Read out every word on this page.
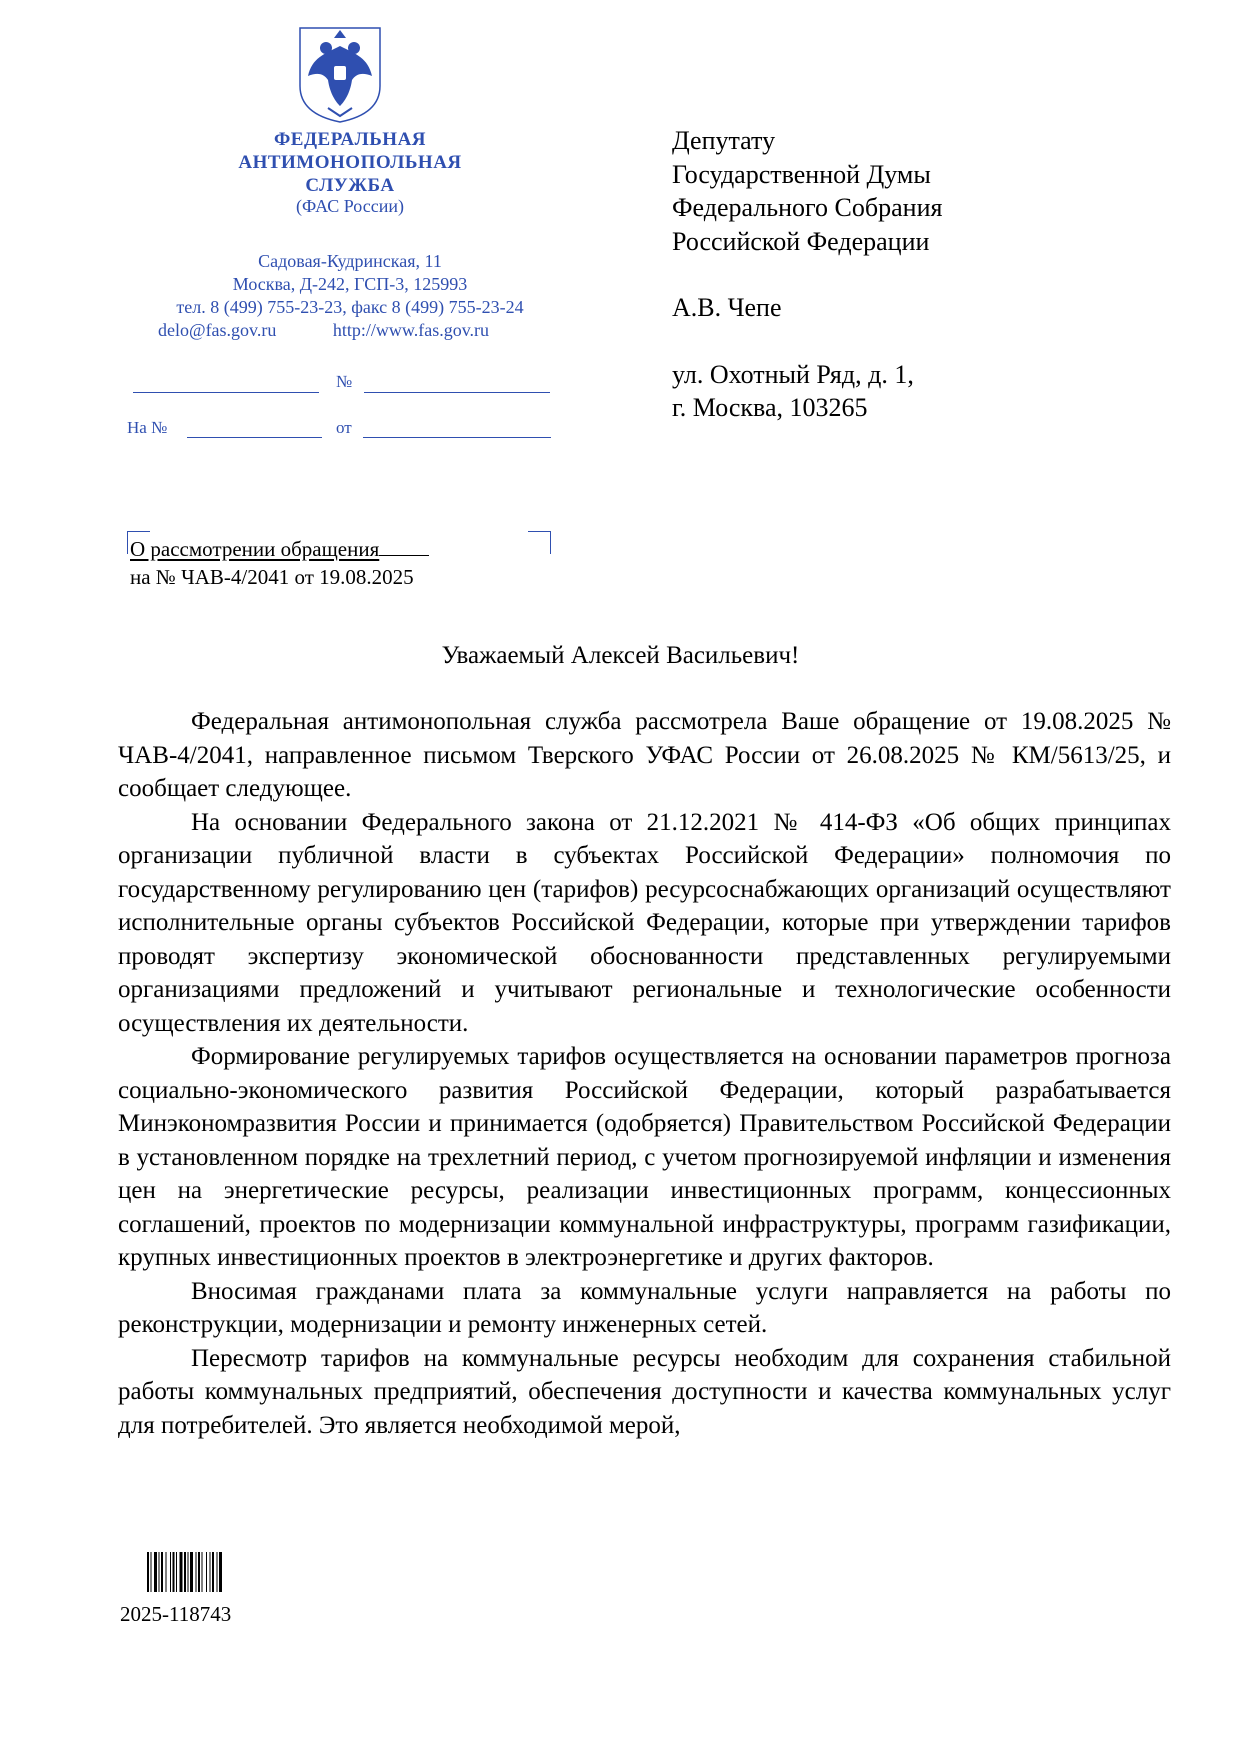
ФЕДЕРАЛЬНАЯ
АНТИМОНОПОЛЬНАЯ
СЛУЖБА
(ФАС России)
Садовая-Кудринская, 11
Москва, Д-242, ГСП-3, 125993
тел. 8 (499) 755-23-23, факс 8 (499) 755-23-24
delo@fas.gov.ru	http://www.fas.gov.ru
№
На №	от
О рассмотрении обращения
на № ЧАВ-4/2041 от 19.08.2025

Депутату

Государственной Думы

Федерального Собрания

Российской Федерации

А.В. Чепе

ул. Охотный Ряд, д. 1,

г. Москва, 103265

Уважаемый Алексей Васильевич!

Федеральная антимонопольная служба рассмотрела Ваше обращение от 19.08.2025 № ЧАВ-4/2041, направленное письмом Тверского УФАС России от 26.08.2025 № КМ/5613/25, и сообщает следующее.

На основании Федерального закона от 21.12.2021 № 414-ФЗ «Об общих принципах организации публичной власти в субъектах Российской Федерации» полномочия по государственному регулированию цен (тарифов) ресурсоснабжающих организаций осуществляют исполнительные органы субъектов Российской Федерации, которые при утверждении тарифов проводят экспертизу экономической обоснованности представленных регулируемыми организациями предложений и учитывают региональные и технологические особенности осуществления их деятельности.

Формирование регулируемых тарифов осуществляется на основании параметров прогноза социально-экономического развития Российской Федерации, который разрабатывается Минэкономразвития России и принимается (одобряется) Правительством Российской Федерации в установленном порядке на трехлетний период, с учетом прогнозируемой инфляции и изменения цен на энергетические ресурсы, реализации инвестиционных программ, концессионных соглашений, проектов по модернизации коммунальной инфраструктуры, программ газификации, крупных инвестиционных проектов в электроэнергетике и других факторов.

Вносимая гражданами плата за коммунальные услуги направляется на работы по реконструкции, модернизации и ремонту инженерных сетей.

Пересмотр тарифов на коммунальные ресурсы необходим для сохранения стабильной работы коммунальных предприятий, обеспечения доступности и качества коммунальных услуг для потребителей. Это является необходимой мерой,

2025-118743
